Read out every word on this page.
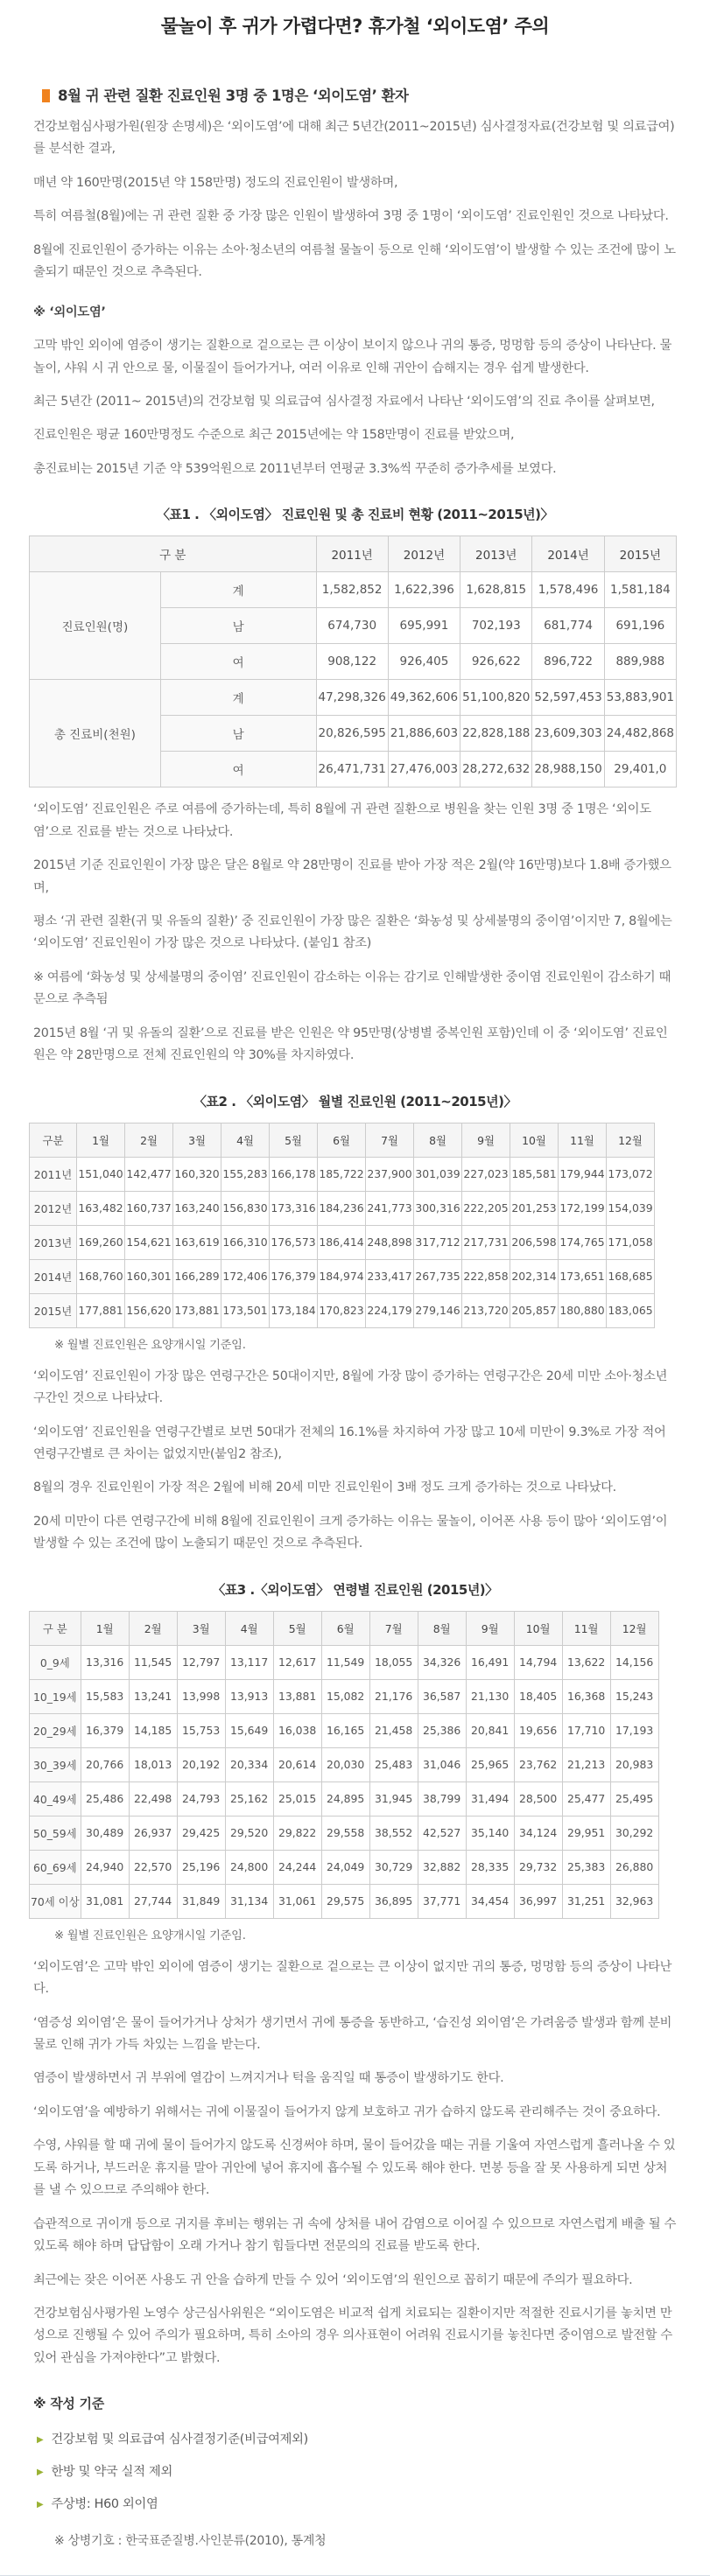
물놀이 후 귀가 가렵다면? 휴가철 ‘외이도염’ 주의
8월 귀 관련 질환 진료인원 3명 중 1명은 ‘외이도염’ 환자

건강보험심사평가원(원장 손명세)은 ‘외이도염’에 대해 최근 5년간(2011~2015년) 심사결정자료(건강보험 및 의료급여)를 분석한 결과,

매년 약 160만명(2015년 약 158만명) 정도의 진료인원이 발생하며,

특히 여름철(8월)에는 귀 관련 질환 중 가장 많은 인원이 발생하여 3명 중 1명이 ‘외이도염’ 진료인원인 것으로 나타났다.

8월에 진료인원이 증가하는 이유는 소아·청소년의 여름철 물놀이 등으로 인해 ‘외이도염’이 발생할 수 있는 조건에 많이 노출되기 때문인 것으로 추측된다.

※ ‘외이도염’

고막 밖인 외이에 염증이 생기는 질환으로 겉으로는 큰 이상이 보이지 않으나 귀의 통증, 멍멍함 등의 증상이 나타난다. 물놀이, 샤워 시 귀 안으로 물, 이물질이 들어가거나, 여러 이유로 인해 귀안이 습해지는 경우 쉽게 발생한다.

최근 5년간 (2011~ 2015년)의 건강보험 및 의료급여 심사결정 자료에서 나타난 ‘외이도염’의 진료 추이를 살펴보면,

진료인원은 평균 160만명정도 수준으로 최근 2015년에는 약 158만명이 진료를 받았으며,

총진료비는 2015년 기준 약 539억원으로 2011년부터 연평균 3.3%씩 꾸준히 증가추세를 보였다.

〈표1 . 〈외이도염〉 진료인원 및 총 진료비 현황 (2011~2015년)〉
구 분		2011년	2012년	2013년	2014년	2015년
진료인원(명)	계	1,582,852	1,622,396	1,628,815	1,578,496	1,581,184
	남	674,730	695,991	702,193	681,774	691,196
	여	908,122	926,405	926,622	896,722	889,988
총 진료비(천원)	계	47,298,326	49,362,606	51,100,820	52,597,453	53,883,901
	남	20,826,595	21,886,603	22,828,188	23,609,303	24,482,868
	여	26,471,731	27,476,003	28,272,632	28,988,150	29,401,0

‘외이도염’ 진료인원은 주로 여름에 증가하는데, 특히 8월에 귀 관련 질환으로 병원을 찾는 인원 3명 중 1명은 ‘외이도염’으로 진료를 받는 것으로 나타났다.

2015년 기준 진료인원이 가장 많은 달은 8월로 약 28만명이 진료를 받아 가장 적은 2월(약 16만명)보다 1.8배 증가했으며,

평소 ‘귀 관련 질환(귀 및 유돌의 질환)’ 중 진료인원이 가장 많은 질환은 ‘화농성 및 상세불명의 중이염’이지만 7, 8월에는 ‘외이도염’ 진료인원이 가장 많은 것으로 나타났다. (붙임1 참조)

※ 여름에 ‘화농성 및 상세불명의 중이염’ 진료인원이 감소하는 이유는 감기로 인해발생한 중이염 진료인원이 감소하기 때문으로 추측됨

2015년 8월 ‘귀 및 유돌의 질환’으로 진료를 받은 인원은 약 95만명(상병별 중복인원 포함)인데 이 중 ‘외이도염’ 진료인원은 약 28만명으로 전체 진료인원의 약 30%를 차지하였다.

〈표2 . 〈외이도염〉 월별 진료인원 (2011~2015년)〉
구분	1월	2월	3월	4월	5월	6월	7월	8월	9월	10월	11월	12월
2011년	151,040	142,477	160,320	155,283	166,178	185,722	237,900	301,039	227,023	185,581	179,944	173,072
2012년	163,482	160,737	163,240	156,830	173,316	184,236	241,773	300,316	222,205	201,253	172,199	154,039
2013년	169,260	154,621	163,619	166,310	176,573	186,414	248,898	317,712	217,731	206,598	174,765	171,058
2014년	168,760	160,301	166,289	172,406	176,379	184,974	233,417	267,735	222,858	202,314	173,651	168,685
2015년	177,881	156,620	173,881	173,501	173,184	170,823	224,179	279,146	213,720	205,857	180,880	183,065
※ 월별 진료인원은 요양개시일 기준임.

‘외이도염’ 진료인원이 가장 많은 연령구간은 50대이지만, 8월에 가장 많이 증가하는 연령구간은 20세 미만 소아·청소년 구간인 것으로 나타났다.

‘외이도염’ 진료인원을 연령구간별로 보면 50대가 전체의 16.1%를 차지하여 가장 많고 10세 미만이 9.3%로 가장 적어 연령구간별로 큰 차이는 없었지만(붙임2 참조),

8월의 경우 진료인원이 가장 적은 2월에 비해 20세 미만 진료인원이 3배 정도 크게 증가하는 것으로 나타났다.

20세 미만이 다른 연령구간에 비해 8월에 진료인원이 크게 증가하는 이유는 물놀이, 이어폰 사용 등이 많아 ‘외이도염’이 발생할 수 있는 조건에 많이 노출되기 때문인 것으로 추측된다.

〈표3 .〈외이도염〉 연령별 진료인원 (2015년)〉
구 분	1월	2월	3월	4월	5월	6월	7월	8월	9월	10월	11월	12월
0_9세	13,316	11,545	12,797	13,117	12,617	11,549	18,055	34,326	16,491	14,794	13,622	14,156
10_19세	15,583	13,241	13,998	13,913	13,881	15,082	21,176	36,587	21,130	18,405	16,368	15,243
20_29세	16,379	14,185	15,753	15,649	16,038	16,165	21,458	25,386	20,841	19,656	17,710	17,193
30_39세	20,766	18,013	20,192	20,334	20,614	20,030	25,483	31,046	25,965	23,762	21,213	20,983
40_49세	25,486	22,498	24,793	25,162	25,015	24,895	31,945	38,799	31,494	28,500	25,477	25,495
50_59세	30,489	26,937	29,425	29,520	29,822	29,558	38,552	42,527	35,140	34,124	29,951	30,292
60_69세	24,940	22,570	25,196	24,800	24,244	24,049	30,729	32,882	28,335	29,732	25,383	26,880
70세 이상	31,081	27,744	31,849	31,134	31,061	29,575	36,895	37,771	34,454	36,997	31,251	32,963
※ 월별 진료인원은 요양개시일 기준임.

‘외이도염’은 고막 밖인 외이에 염증이 생기는 질환으로 겉으로는 큰 이상이 없지만 귀의 통증, 멍멍함 등의 증상이 나타난다.

‘염증성 외이염’은 물이 들어가거나 상처가 생기면서 귀에 통증을 동반하고, ‘습진성 외이염’은 가려움증 발생과 함께 분비물로 인해 귀가 가득 차있는 느낌을 받는다.

염증이 발생하면서 귀 부위에 열감이 느껴지거나 턱을 움직일 때 통증이 발생하기도 한다.

‘외이도염’을 예방하기 위해서는 귀에 이물질이 들어가지 않게 보호하고 귀가 습하지 않도록 관리해주는 것이 중요하다.

수영, 샤워를 할 때 귀에 물이 들어가지 않도록 신경써야 하며, 물이 들어갔을 때는 귀를 기울여 자연스럽게 흘러나올 수 있도록 하거나, 부드러운 휴지를 말아 귀안에 넣어 휴지에 흡수될 수 있도록 해야 한다. 면봉 등을 잘 못 사용하게 되면 상처를 낼 수 있으므로 주의해야 한다.

습관적으로 귀이개 등으로 귀지를 후비는 행위는 귀 속에 상처를 내어 감염으로 이어질 수 있으므로 자연스럽게 배출 될 수 있도록 해야 하며 답답함이 오래 가거나 참기 힘들다면 전문의의 진료를 받도록 한다.

최근에는 잦은 이어폰 사용도 귀 안을 습하게 만들 수 있어 ‘외이도염’의 원인으로 꼽히기 때문에 주의가 필요하다.

건강보험심사평가원 노영수 상근심사위원은 “외이도염은 비교적 쉽게 치료되는 질환이지만 적절한 진료시기를 놓치면 만성으로 진행될 수 있어 주의가 필요하며, 특히 소아의 경우 의사표현이 어려워 진료시기를 놓친다면 중이염으로 발전할 수 있어 관심을 가져야한다”고 밝혔다.

※ 작성 기준

▶ 건강보험 및 의료급여 심사결정기준(비급여제외)

▶ 한방 및 약국 실적 제외

▶ 주상병: H60 외이염

※ 상병기호 : 한국표준질병.사인분류(2010), 통계청
